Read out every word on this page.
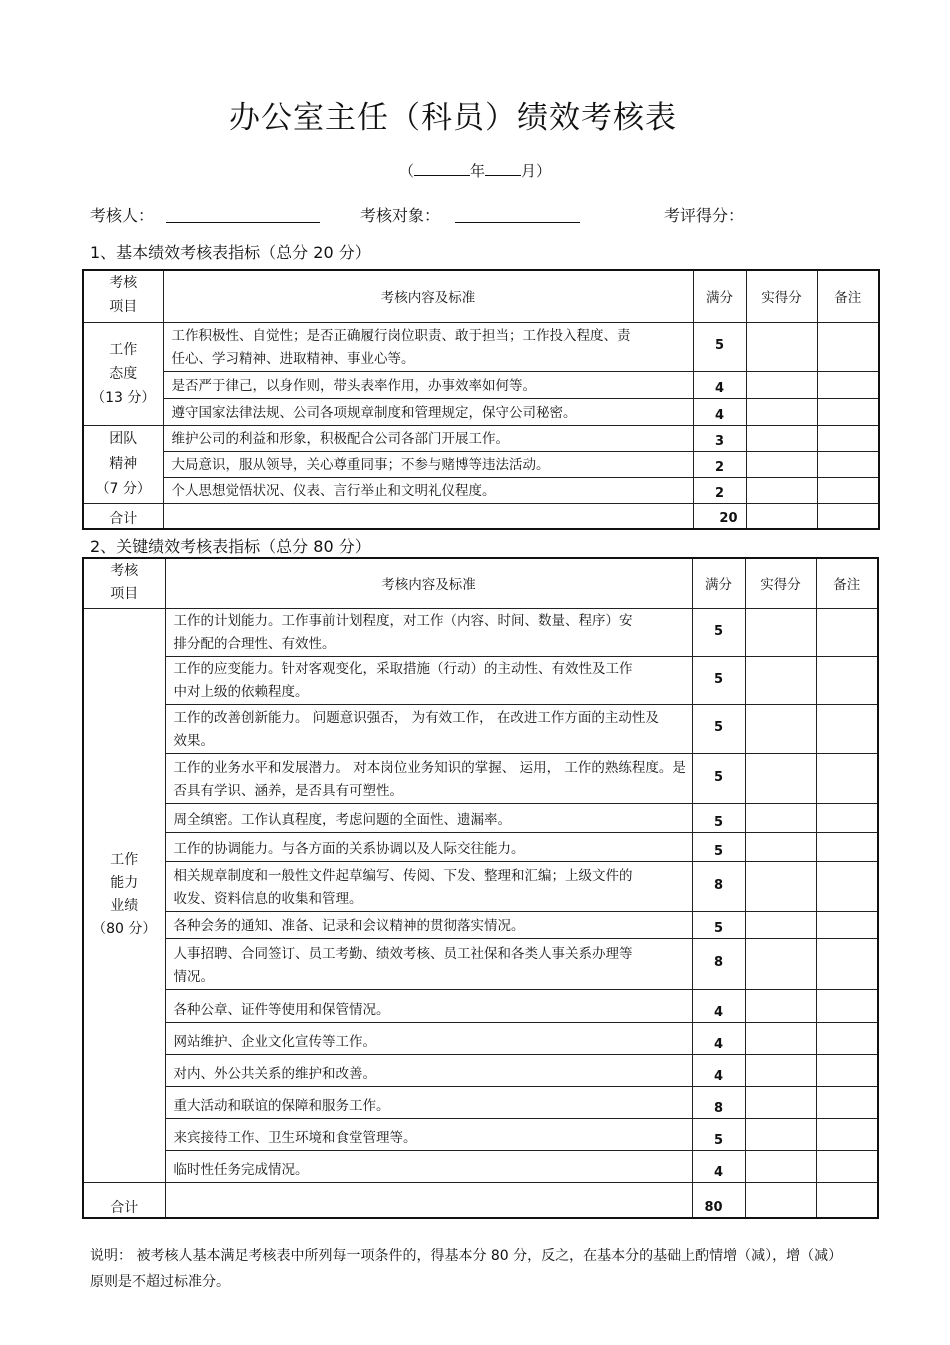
办公室主任（科员）绩效考核表
（	年 月）
考核人：	考核对象：	考评得分：
1、基本绩效考核表指标（总分 20 分）
考核
项目	考核内容及标准	满分	实得分	备注

工作
态度
（13 分）	工作积极性、自觉性；是否正确履行岗位职责、敢于担当；工作投入程度、责任心、学习精神、进取精神、事业心等。	5		
	是否严于律己，以身作则，带头表率作用，办事效率如何等。	4		
	遵守国家法律法规、公司各项规章制度和管理规定，保守公司秘密。	4		

团队
精神
（7 分）	维护公司的利益和形象，积极配合公司各部门开展工作。	3		
	大局意识，服从领导，关心尊重同事；不参与赌博等违法活动。	2		
	个人思想觉悟状况、仪表、言行举止和文明礼仪程度。	2		
合计		20		
2、关键绩效考核表指标（总分 80 分）
考核
项目	考核内容及标准	满分	实得分	备注

工作
能力
业绩
（80 分）	工作的计划能力。工作事前计划程度，对工作（内容、时间、数量、程序）安排分配的合理性、有效性。	5		
	工作的应变能力。针对客观变化，采取措施（行动）的主动性、有效性及工作中对上级的依赖程度。	5		
	工作的改善创新能力。 问题意识强否， 为有效工作， 在改进工作方面的主动性及效果。	5		
	工作的业务水平和发展潜力。 对本岗位业务知识的掌握、 运用， 工作的熟练程度。是否具有学识、涵养，是否具有可塑性。	5		
	周全缜密。工作认真程度，考虑问题的全面性、遗漏率。	5		
	工作的协调能力。与各方面的关系协调以及人际交往能力。	5		
	相关规章制度和一般性文件起草编写、传阅、下发、整理和汇编；上级文件的收发、资料信息的收集和管理。	8		
	各种会务的通知、准备、记录和会议精神的贯彻落实情况。	5		
	人事招聘、合同签订、员工考勤、绩效考核、员工社保和各类人事关系办理等情况。	8		
	各种公章、证件等使用和保管情况。	4		
	网站维护、企业文化宣传等工作。	4		
	对内、外公共关系的维护和改善。	4		
	重大活动和联谊的保障和服务工作。	8		
	来宾接待工作、卫生环境和食堂管理等。	5		
	临时性任务完成情况。	4		
合计		80		
说明： 被考核人基本满足考核表中所列每一项条件的，得基本分 80 分，反之，在基本分的基础上酌情增（减），增（减）原则是不超过标准分。
